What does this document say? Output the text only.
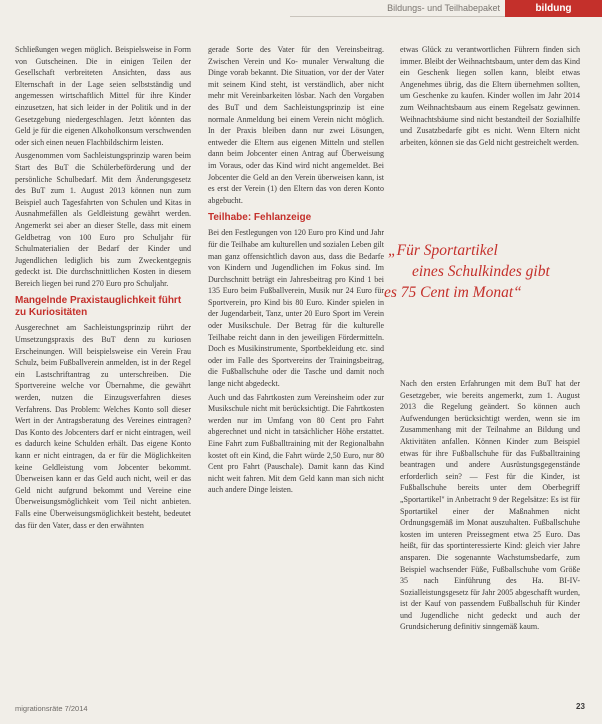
Bildungs- und Teilhabepaket	bildung

Schließungen wegen möglich. Beispielsweise in Form von Gutscheinen. Die in einigen Teilen der Gesellschaft verbreiteten Ansichten, dass aus Elternschaft in der Lage seien selbstständig und angemessen wirtschaftlich Mittel für ihre Kinder einzusetzen, hat sich leider in der Politik und in der Gesetzgebung niedergeschlagen. Jetzt könnten das Geld je für die eigenen Alkoholkonsum verschwenden oder sich einen neuen Flachbildschirm leisten.

Ausgenommen vom Sachleistungsprinzip waren beim Start des BuT die Schülerbeförderung und der persönliche Schulbedarf. Mit dem Änderungsgesetz des BuT zum 1. August 2013 können nun zum Beispiel auch Tagesfahrten von Schulen und Kitas in Ausnahmefällen als Geldleistung gewährt werden. Angemerkt sei aber an dieser Stelle, dass mit einem Geldbetrag von 100 Euro pro Schuljahr für Schulmaterialien der Bedarf der Kinder und Jugendlichen lediglich bis zum Zweckentgegnis gedeckt ist. Die durchschnittlichen Kosten in diesem Bereich liegen bei rund 270 Euro pro Schuljahr.

Mangelnde Praxistauglichkeit führt zu Kuriositäten

Ausgerechnet am Sachleistungsprinzip rührt der Umsetzungspraxis des BuT denn zu kuriosen Erscheinungen. Will beispielsweise ein Verein Frau Schulz, beim Fußballverein anmelden, ist in der Regel ein Lastschriftantrag zu unterschreiben. Die Sportvereine welche vor Übernahme, die gewährt werden, nutzen die Einzugsverfahren dieses Verfahrens. Das Problem: Welches Konto soll dieser Wert in der Antragsberatung des Vereines eintragen? Das Konto des Jobcenters darf er nicht eintragen, weil es dadurch keine Schulden erhält. Das eigene Konto kann er nicht eintragen, da er für die Möglichkeiten keine Geldleistung vom Jobcenter bekommt. Überweisen kann er das Geld auch nicht, weil er das Geld nicht aufgrund bekommt und Vereine eine Überweisungsmöglichkeit vom Teil nicht anbieten. Falls eine Überweisungsmöglichkeit besteht, bedeutet das für den Vater, dass er den erwähnten

gerade Sorte des Vater für den Vereinsbeitrag. Zwischen Verein und Ko- munaler Verwaltung die Dinge vorab bekannt. Die Situation, vor der der Vater mit seinem Kind steht, ist verständlich, aber nicht mehr mit Vereinbarkeiten lösbar. Nach den Vorgaben des BuT und dem Sachleistungsprinzip ist eine normale Anmeldung bei einem Verein nicht möglich. In der Praxis bleiben dann nur zwei Lösungen, entweder die Eltern aus eigenen Mitteln und stellen dann beim Jobcenter einen Antrag auf Überweisung im Voraus, oder das Kind wird nicht angemeldet. Bei Jobcenter die Geld an den Verein überweisen kann, ist es erst der Verein (1) den Eltern das von deren Konto abgebucht.

Teilhabe: Fehlanzeige

Bei den Festlegungen von 120 Euro pro Kind und Jahr für die Teilhabe am kulturellen und sozialen Leben gilt man ganz offensichtlich davon aus, dass die Bedarfe von Kindern und Jugendlichen im Fokus sind. Im Durchschnitt beträgt ein Jahresbeitrag pro Kind 1 bei 135 Euro beim Fußballverein, Musik nur 24 Euro für Sportverein, pro Kind bis 80 Euro. Kinder spielen in der Jugendarbeit, Tanz, unter 20 Euro Sport im Verein oder Musikschule. Der Betrag für die kulturelle Teilhabe reicht dann in den jeweiligen Fördermitteln. Doch es Musikinstrumente, Sportbekleidung etc. sind oder im Falle des Sportvereins der Trainingsbeitrag, die Fußballschuhe oder die Tasche und damit noch lange nicht abgedeckt.

Auch und das Fahrtkosten zum Vereinsheim oder zur Musikschule nicht mit berücksichtigt. Die Fahrtkosten werden nur im Umfang von 80 Cent pro Fahrt abgerechnet und nicht in tatsächlicher Höhe erstattet. Eine Fahrt zum Fußballtraining mit der Regionalbahn kostet oft ein Kind, die Fahrt würde 2,50 Euro, nur 80 Cent pro Fahrt (Pauschale). Damit kann das Kind nicht weit fahren. Mit dem Geld kann man sich nicht auch andere Dinge leisten.

etwas Glück zu verantwortlichen Führern finden sich immer. Bleibt der Weihnachtsbaum, unter dem das Kind ein Geschenk liegen sollen kann, bleibt etwas Angenehmes übrig, das die Eltern übernehmen sollten, um Geschenke zu kaufen. Kinder wollen im Jahr 2014 zum Weihnachtsbaum aus einem Regelsatz gewinnen. Weihnachtsbäume sind nicht bestandteil der Sozialhilfe und Zusatzbedarfe gibt es nicht. Wenn Eltern nicht arbeiten, können sie das Geld nicht gestreichelt werden.

„Für Sportartikel
eines Schulkindes gibt
es 75 Cent im Monat“

Nach den ersten Erfahrungen mit dem BuT hat der Gesetzgeber, wie bereits angemerkt, zum 1. August 2013 die Regelung geändert. So können auch Aufwendungen berücksichtigt werden, wenn sie im Zusammenhang mit der Teilnahme an Bildung und Aktivitäten anfallen. Können Kinder zum Beispiel etwas für ihre Fußballschuhe für das Fußballtraining beantragen und andere Ausrüstungsgegenstände erforderlich sein? — Fest für die Kinder, ist Fußballschuhe bereits unter dem Oberbegriff „Sportartikel" in Anbetracht 9 der Regelsätze: Es ist für Sportartikel einer der Maßnahmen nicht Ordnungsgemäß im Monat auszuhalten. Fußballschuhe kosten im unteren Preissegment etwa 25 Euro. Das heißt, für das sportinteressierte Kind: gleich vier Jahre ansparen. Die sogenannte Wachstumsbedarfe, zum Beispiel wachsender Füße, Fußballschuhe vom Größe 35 nach Einführung des Ha. BI-IV-Sozialleistungsgesetz für Jahr 2005 abgeschafft wurden, ist der Kauf von passendem Fußballschuh für Kinder und Jugendliche nicht gedeckt und auch der Grundsicherung definitiv sinngemäß kaum.

migrationsräte 7/2014	23
